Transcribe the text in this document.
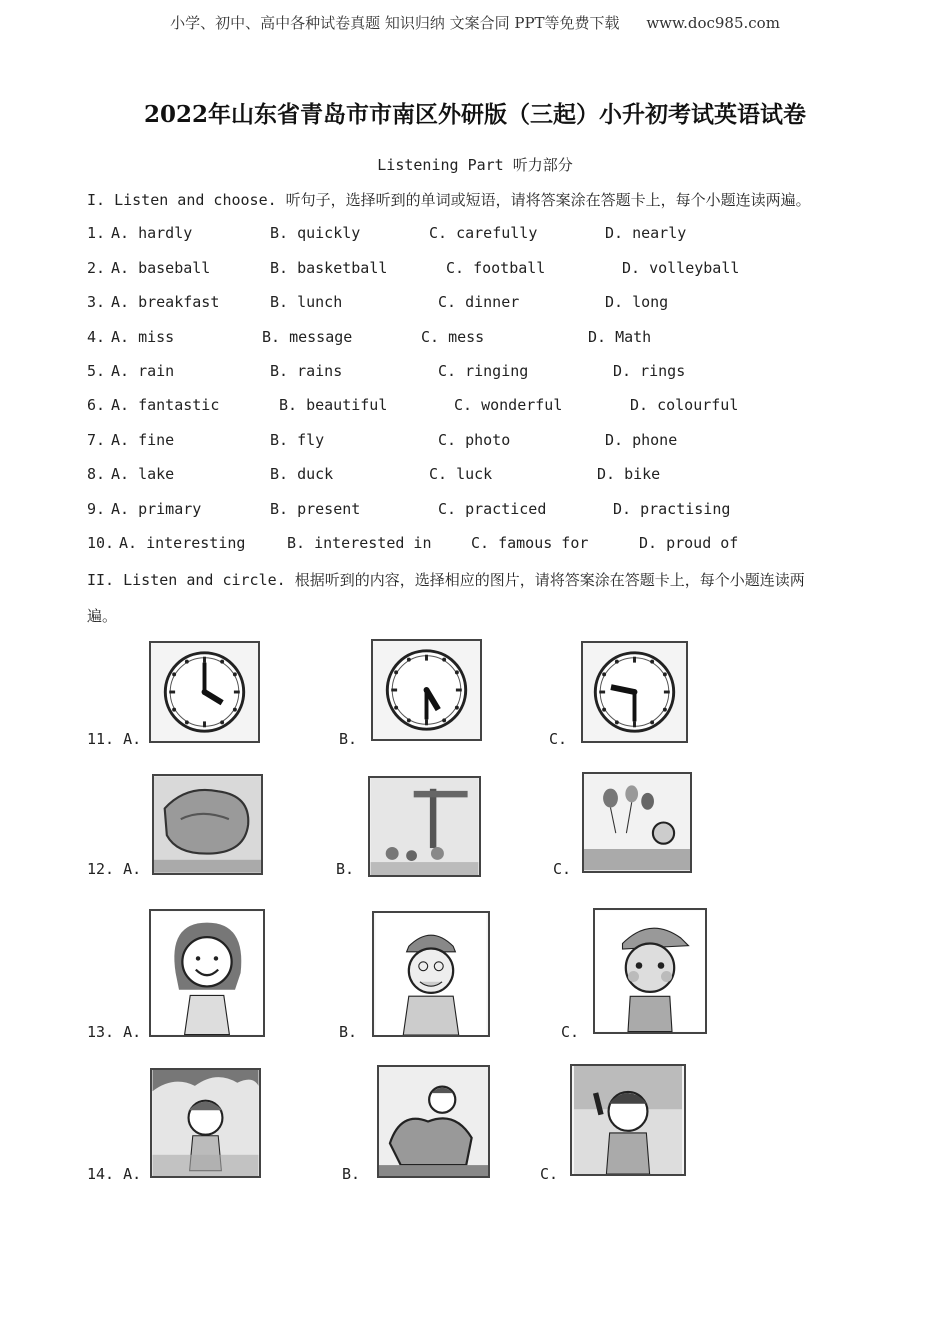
小学、初中、高中各种试卷真题 知识归纳 文案合同 PPT等免费下载 www.doc985.com
2022年山东省青岛市市南区外研版（三起）小升初考试英语试卷
Listening Part 听力部分
I. Listen and choose. 听句子，选择听到的单词或短语，请将答案涂在答题卡上，每个小题连读两遍。
1. A. hardly	B. quickly	C. carefully	D. nearly
2. A. baseball	B. basketball	C. football	D. volleyball
3. A. breakfast	B. lunch	C. dinner	D. long
4. A. miss	B. message	C. mess	D. Math
5. A. rain	B. rains	C. ringing	D. rings
6. A. fantastic	B. beautiful	C. wonderful	D. colourful
7. A. fine	B. fly	C. photo	D. phone
8. A. lake	B. duck	C. luck	D. bike
9. A. primary	B. present	C. practiced	D. practising
10. A. interesting	B. interested in	C. famous for	D. proud of
II. Listen and circle. 根据听到的内容，选择相应的图片，请将答案涂在答题卡上，每个小题连读两
遍。
11. A.	B.	C.
12. A.	B.	C.
13. A.	B.	C.
14. A.	B.	C.
